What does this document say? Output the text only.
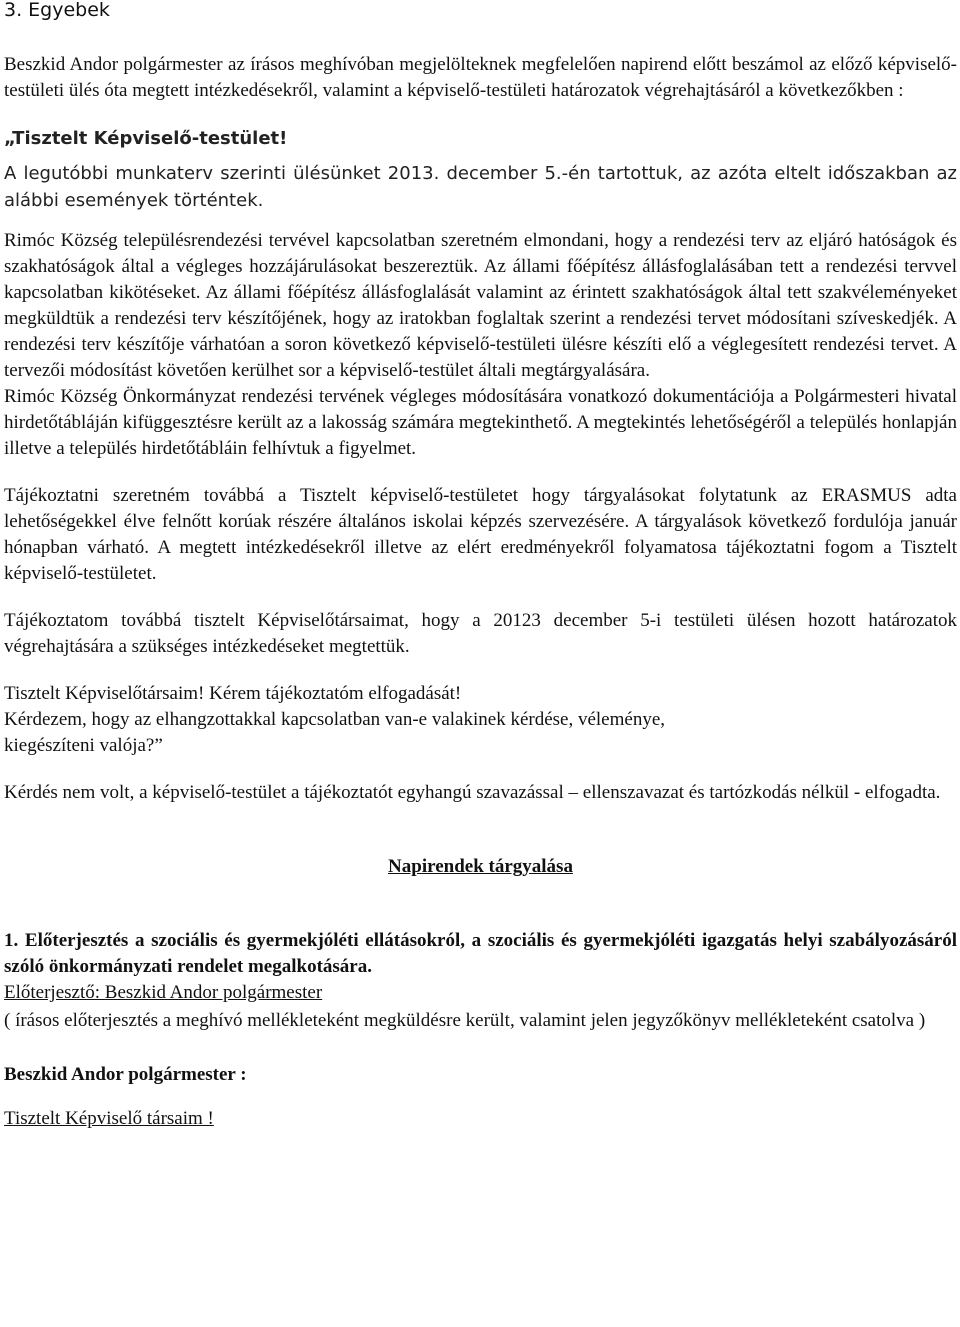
3. Egyebek

Beszkid Andor polgármester az írásos meghívóban megjelölteknek megfelelően napirend előtt beszámol az előző képviselő-testületi ülés óta megtett intézkedésekről, valamint a képviselő-testületi határozatok végrehajtásáról a következőkben :

„Tisztelt Képviselő-testület!

A legutóbbi munkaterv szerinti ülésünket 2013. december 5.-én tartottuk, az azóta eltelt időszakban az alábbi események történtek.

Rimóc Község településrendezési tervével kapcsolatban szeretném elmondani, hogy a rendezési terv az eljáró hatóságok és szakhatóságok által a végleges hozzájárulásokat beszereztük. Az állami főépítész állásfoglalásában tett a rendezési tervvel kapcsolatban kikötéseket. Az állami főépítész állásfoglalását valamint az érintett szakhatóságok által tett szakvéleményeket megküldtük a rendezési terv készítőjének, hogy az iratokban foglaltak szerint a rendezési tervet módosítani szíveskedjék. A rendezési terv készítője várhatóan a soron következő képviselő-testületi ülésre készíti elő a véglegesített rendezési tervet. A tervezői módosítást követően kerülhet sor a képviselő-testület általi megtárgyalására.

Rimóc Község Önkormányzat rendezési tervének végleges módosítására vonatkozó dokumentációja a Polgármesteri hivatal hirdetőtábláján kifüggesztésre került az a lakosság számára megtekinthető. A megtekintés lehetőségéről a település honlapján illetve a település hirdetőtábláin felhívtuk a figyelmet.

Tájékoztatni szeretném továbbá a Tisztelt képviselő-testületet hogy tárgyalásokat folytatunk az ERASMUS adta lehetőségekkel élve felnőtt korúak részére általános iskolai képzés szervezésére. A tárgyalások következő fordulója január hónapban várható. A megtett intézkedésekről illetve az elért eredményekről folyamatosa tájékoztatni fogom a Tisztelt képviselő-testületet.

Tájékoztatom továbbá tisztelt Képviselőtársaimat, hogy a 20123 december 5-i testületi ülésen hozott határozatok végrehajtására a szükséges intézkedéseket megtettük.

Tisztelt Képviselőtársaim! Kérem tájékoztatóm elfogadását!

Kérdezem, hogy az elhangzottakkal kapcsolatban van-e valakinek kérdése, véleménye,

kiegészíteni valója?”

Kérdés nem volt, a képviselő-testület a tájékoztatót egyhangú szavazással – ellenszavazat és tartózkodás nélkül - elfogadta.

Napirendek tárgyalása

1. Előterjesztés a szociális és gyermekjóléti ellátásokról, a szociális és gyermekjóléti igazgatás helyi szabályozásáról szóló önkormányzati rendelet megalkotására.

Előterjesztő: Beszkid Andor polgármester

( írásos előterjesztés a meghívó mellékleteként megküldésre került, valamint jelen jegyzőkönyv mellékleteként csatolva )

Beszkid Andor polgármester :

Tisztelt Képviselő társaim !
